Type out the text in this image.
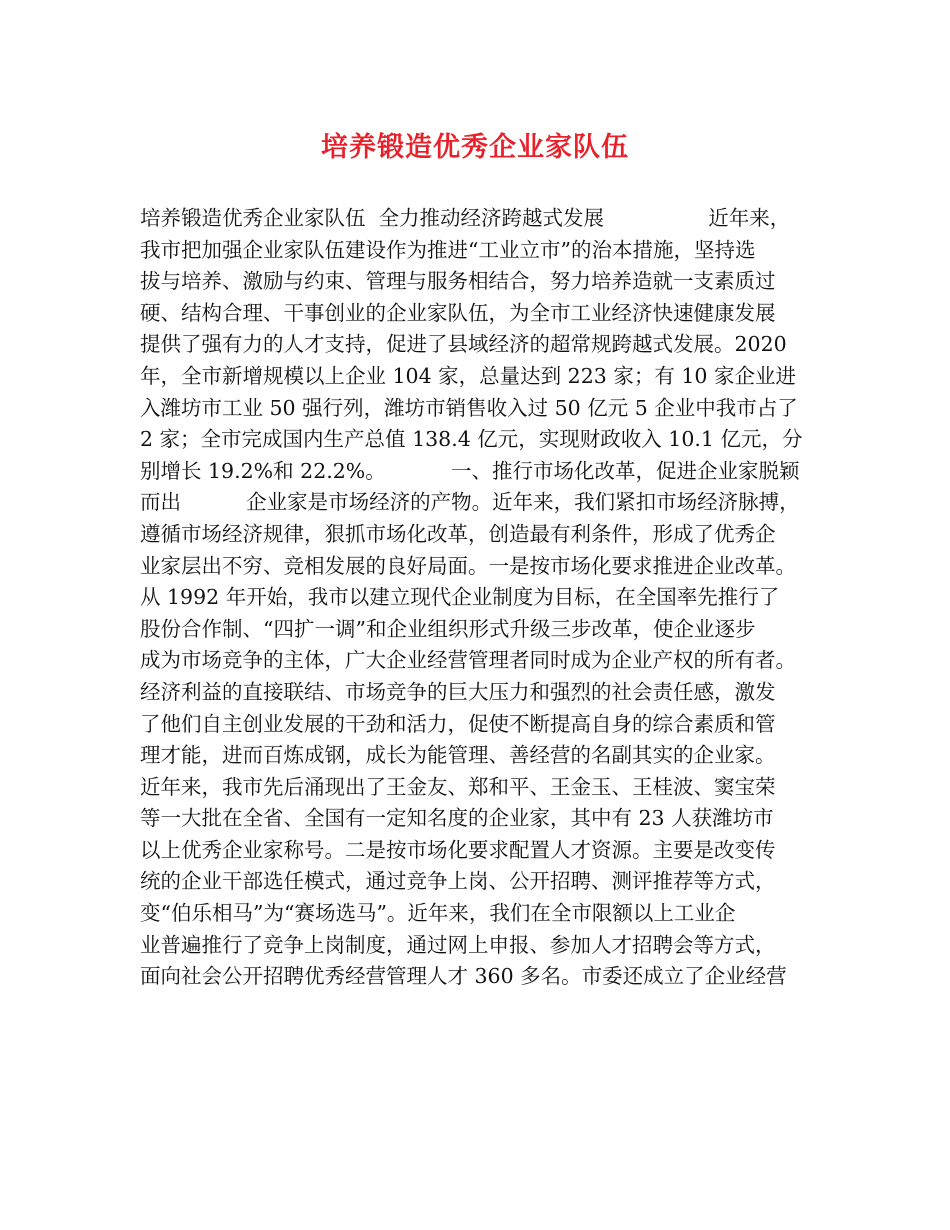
培养锻造优秀企业家队伍
培养锻造优秀企业家队伍  全力推动经济跨越式发展                近年来，
我市把加强企业家队伍建设作为推进“工业立市”的治本措施，坚持选
拔与培养、激励与约束、管理与服务相结合，努力培养造就一支素质过
硬、结构合理、干事创业的企业家队伍，为全市工业经济快速健康发展
提供了强有力的人才支持，促进了县域经济的超常规跨越式发展。2020
年，全市新增规模以上企业 104 家，总量达到 223 家；有 10 家企业进
入潍坊市工业 50 强行列，潍坊市销售收入过 50 亿元 5 企业中我市占了
2 家；全市完成国内生产总值 138.4 亿元，实现财政收入 10.1 亿元，分
别增长 19.2%和 22.2%。          一、推行市场化改革，促进企业家脱颖
而出          企业家是市场经济的产物。近年来，我们紧扣市场经济脉搏，
遵循市场经济规律，狠抓市场化改革，创造最有利条件，形成了优秀企
业家层出不穷、竞相发展的良好局面。一是按市场化要求推进企业改革。
从 1992 年开始，我市以建立现代企业制度为目标，在全国率先推行了
股份合作制、“四扩一调”和企业组织形式升级三步改革，使企业逐步
成为市场竞争的主体，广大企业经营管理者同时成为企业产权的所有者。
经济利益的直接联结、市场竞争的巨大压力和强烈的社会责任感，激发
了他们自主创业发展的干劲和活力，促使不断提高自身的综合素质和管
理才能，进而百炼成钢，成长为能管理、善经营的名副其实的企业家。
近年来，我市先后涌现出了王金友、郑和平、王金玉、王桂波、窦宝荣
等一大批在全省、全国有一定知名度的企业家，其中有 23 人获潍坊市
以上优秀企业家称号。二是按市场化要求配置人才资源。主要是改变传
统的企业干部选任模式，通过竞争上岗、公开招聘、测评推荐等方式，
变“伯乐相马”为“赛场选马”。近年来，我们在全市限额以上工业企
业普遍推行了竞争上岗制度，通过网上申报、参加人才招聘会等方式，
面向社会公开招聘优秀经营管理人才 360 多名。市委还成立了企业经营
